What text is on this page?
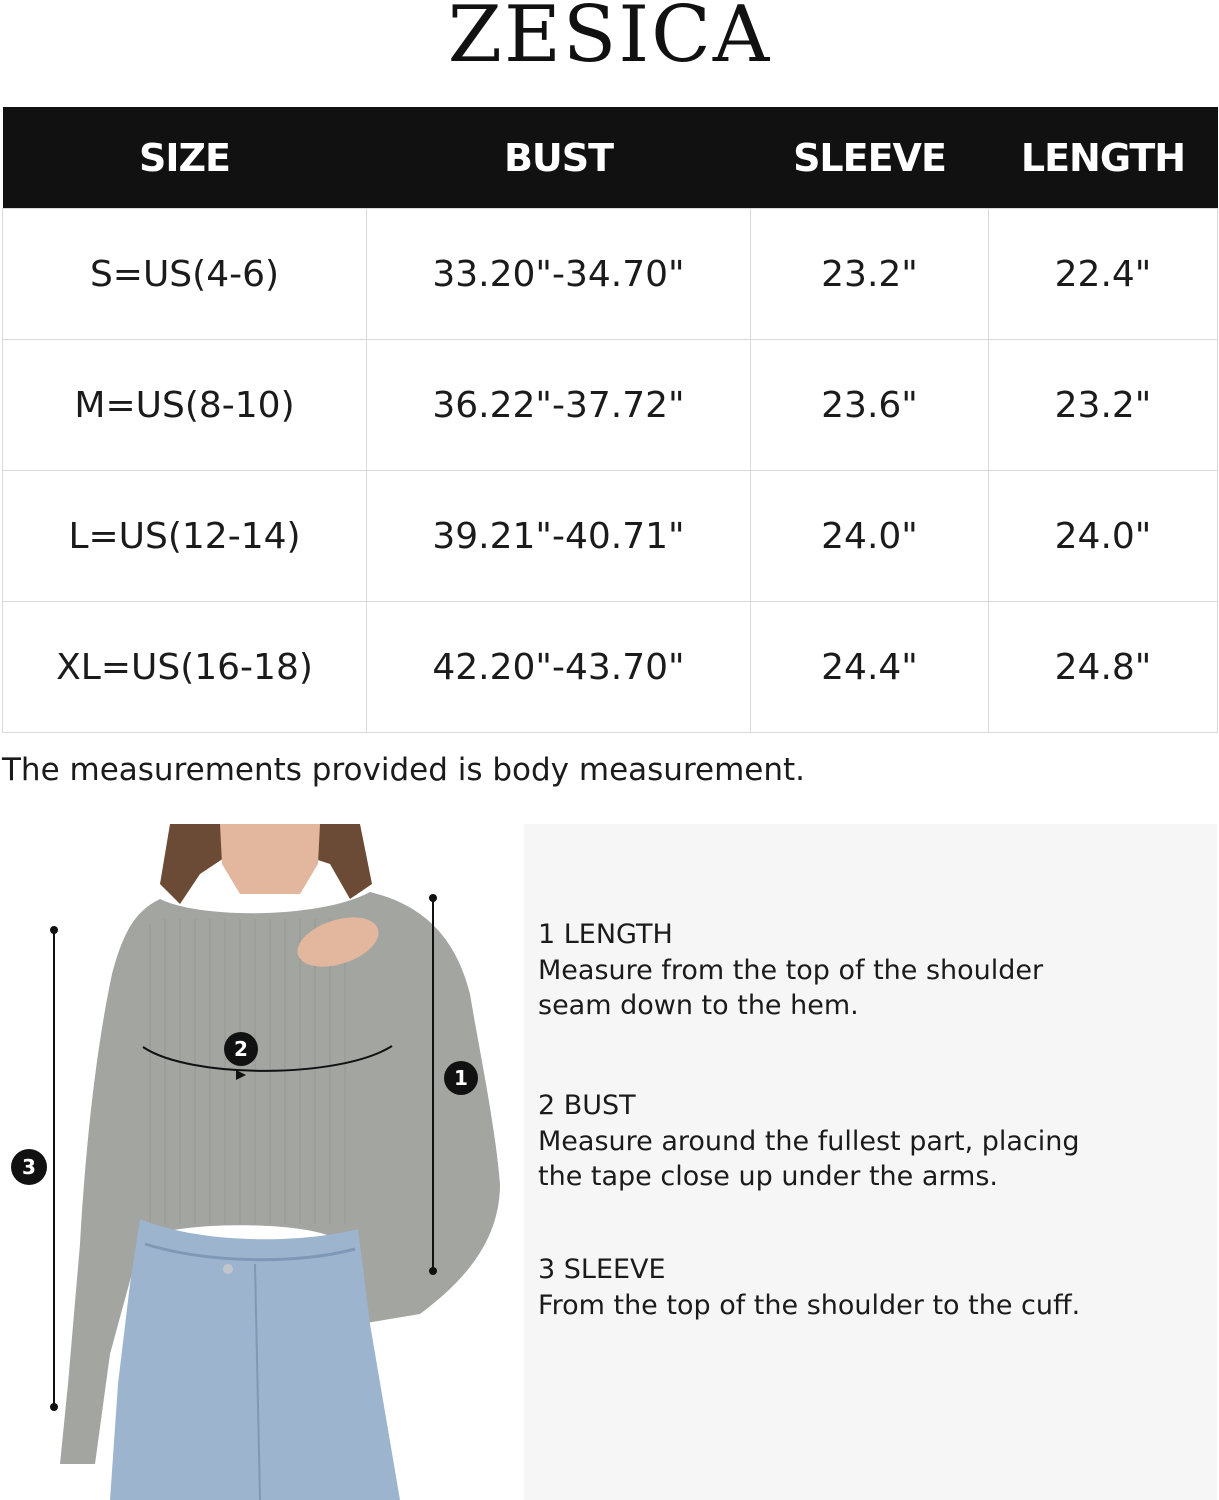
ZESICA
SIZE	BUST	SLEEVE	LENGTH
S=US(4-6)	33.20"-34.70"	23.2"	22.4"
M=US(8-10)	36.22"-37.72"	23.6"	23.2"
L=US(12-14)	39.21"-40.71"	24.0"	24.0"
XL=US(16-18)	42.20"-43.70"	24.4"	24.8"
The measurements provided is body measurement.
1
2
3
1 LENGTH
Measure from the top of the shoulder
seam down to the hem.
2 BUST
Measure around the fullest part, placing
the tape close up under the arms.
3 SLEEVE
From the top of the shoulder to the cuff.
